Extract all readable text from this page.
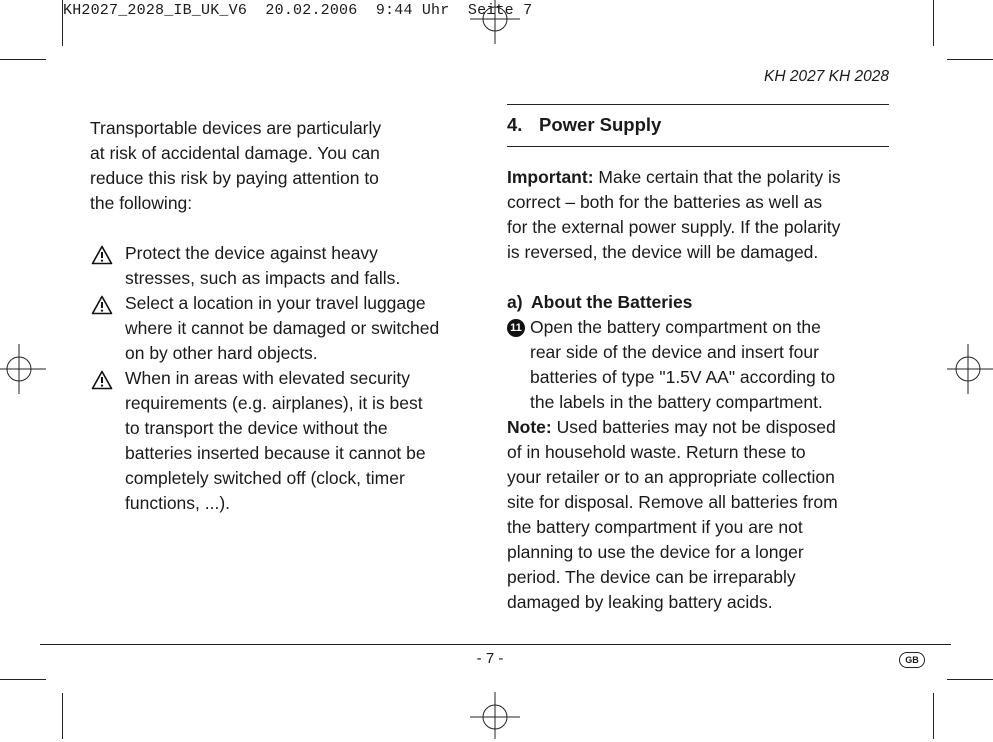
KH2027_2028_IB_UK_V6  20.02.2006  9:44 Uhr  Seite 7
KH 2027 KH 2028

Transportable devices are particularly
at risk of accidental damage. You can
reduce this risk by paying attention to
the following:

Protect the device against heavy
stresses, such as impacts and falls.

Select a location in your travel luggage
where it cannot be damaged or switched
on by other hard objects.

When in areas with elevated security
requirements (e.g. airplanes), it is best
to transport the device without the
batteries inserted because it cannot be
completely switched off (clock, timer
functions, ...).

4. Power Supply

Important: Make certain that the polarity is
correct – both for the batteries as well as
for the external power supply. If the polarity
is reversed, the device will be damaged.

a) About the Batteries

11 Open the battery compartment on the
rear side of the device and insert four
batteries of type "1.5V AA" according to
the labels in the battery compartment.

Note: Used batteries may not be disposed
of in household waste. Return these to
your retailer or to an appropriate collection
site for disposal. Remove all batteries from
the battery compartment if you are not
planning to use the device for a longer
period. The device can be irreparably
damaged by leaking battery acids.

- 7 -	GB
